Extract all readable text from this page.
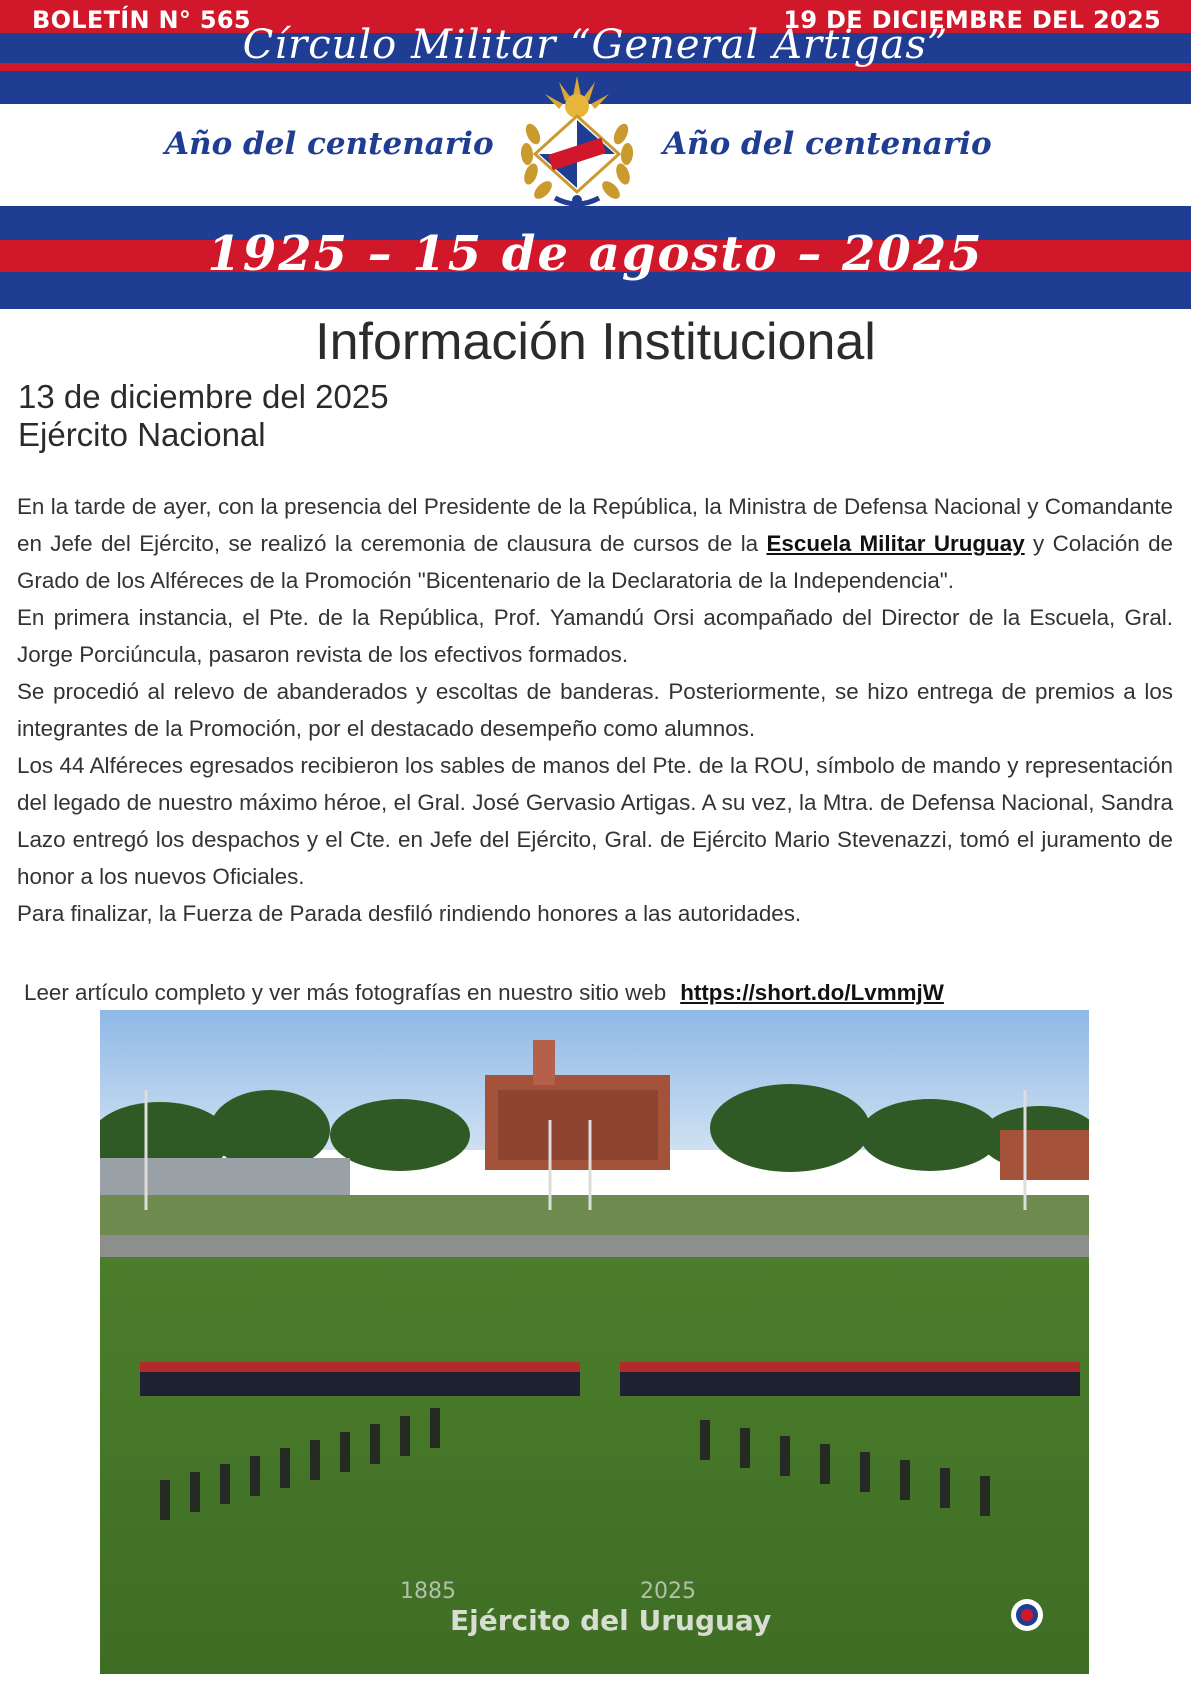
BOLETÍN N° 565	19 DE DICIEMBRE DEL 2025
Círculo Militar “General Artigas”
Año del centenario	Año del centenario
1925 – 15 de agosto – 2025
Información Institucional
13 de diciembre del 2025
Ejército Nacional

En la tarde de ayer, con la presencia del Presidente de la República, la Ministra de Defensa Nacional y Comandante en Jefe del Ejército, se realizó la ceremonia de clausura de cursos de la Escuela Militar Uruguay y Colación de Grado de los Alféreces de la Promoción "Bicentenario de la Declaratoria de la Independencia".

En primera instancia, el Pte. de la República, Prof. Yamandú Orsi acompañado del Director de la Escuela, Gral. Jorge Porciúncula, pasaron revista de los efectivos formados.

Se procedió al relevo de abanderados y escoltas de banderas. Posteriormente, se hizo entrega de premios a los integrantes de la Promoción, por el destacado desempeño como alumnos.

Los 44 Alféreces egresados recibieron los sables de manos del Pte. de la ROU, símbolo de mando y representación del legado de nuestro máximo héroe, el Gral. José Gervasio Artigas. A su vez, la Mtra. de Defensa Nacional, Sandra Lazo entregó los despachos y el Cte. en Jefe del Ejército, Gral. de Ejército Mario Stevenazzi, tomó el juramento de honor a los nuevos Oficiales.

Para finalizar, la Fuerza de Parada desfiló rindiendo honores a las autoridades.

Leer artículo completo y ver más fotografías en nuestro sitio web https://short.do/LvmmjW
1885	2025
Ejército del Uruguay
